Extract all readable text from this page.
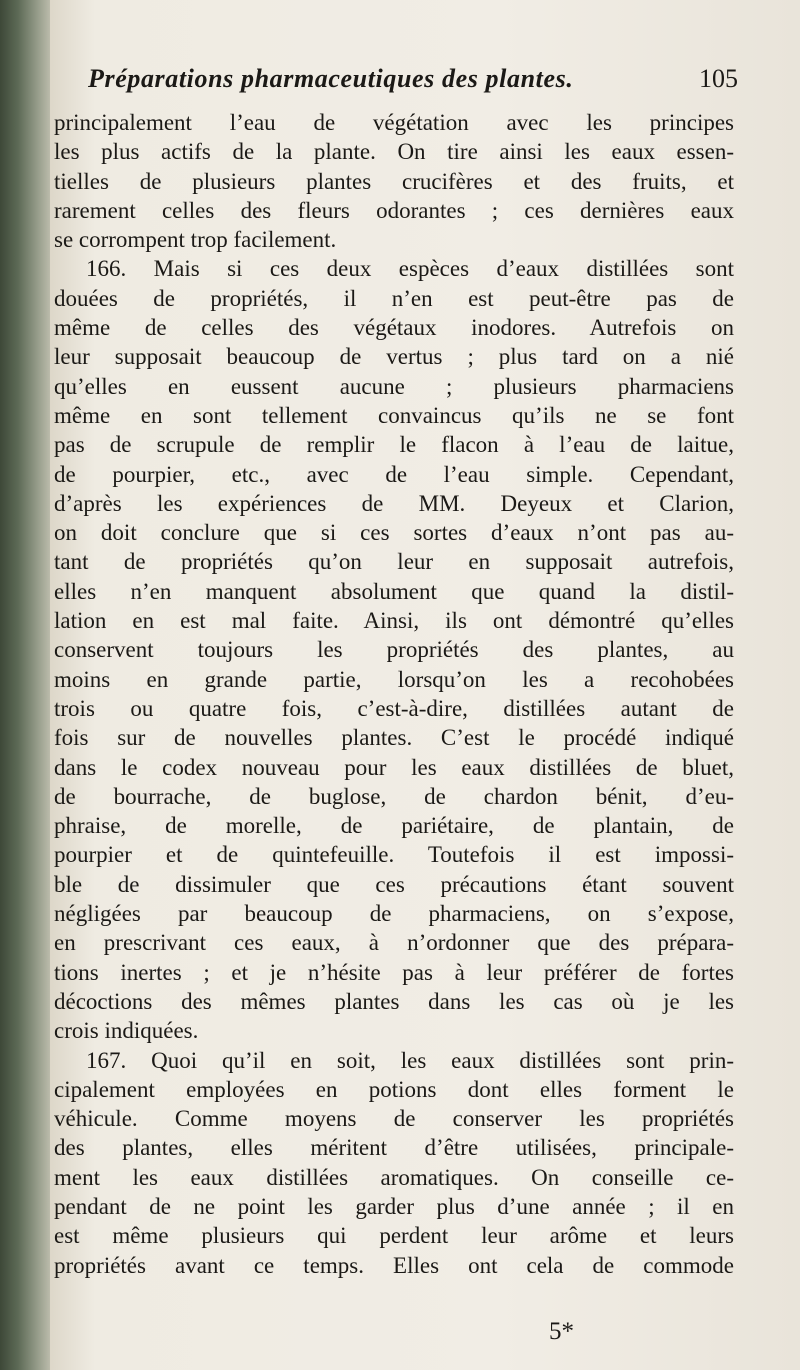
Préparations pharmaceutiques des plantes.	105
principalement l’eau de végétation avec les principes
les plus actifs de la plante. On tire ainsi les eaux essen-
tielles de plusieurs plantes crucifères et des fruits, et
rarement celles des fleurs odorantes ; ces dernières eaux
se corrompent trop facilement.
166. Mais si ces deux espèces d’eaux distillées sont
douées de propriétés, il n’en est peut-être pas de
même de celles des végétaux inodores. Autrefois on
leur supposait beaucoup de vertus ; plus tard on a nié
qu’elles en eussent aucune ; plusieurs pharmaciens
même en sont tellement convaincus qu’ils ne se font
pas de scrupule de remplir le flacon à l’eau de laitue,
de pourpier, etc., avec de l’eau simple. Cependant,
d’après les expériences de MM. Deyeux et Clarion,
on doit conclure que si ces sortes d’eaux n’ont pas au-
tant de propriétés qu’on leur en supposait autrefois,
elles n’en manquent absolument que quand la distil-
lation en est mal faite. Ainsi, ils ont démontré qu’elles
conservent toujours les propriétés des plantes, au
moins en grande partie, lorsqu’on les a recohobées
trois ou quatre fois, c’est-à-dire, distillées autant de
fois sur de nouvelles plantes. C’est le procédé indiqué
dans le codex nouveau pour les eaux distillées de bluet,
de bourrache, de buglose, de chardon bénit, d’eu-
phraise, de morelle, de pariétaire, de plantain, de
pourpier et de quintefeuille. Toutefois il est impossi-
ble de dissimuler que ces précautions étant souvent
négligées par beaucoup de pharmaciens, on s’expose,
en prescrivant ces eaux, à n’ordonner que des prépara-
tions inertes ; et je n’hésite pas à leur préférer de fortes
décoctions des mêmes plantes dans les cas où je les
crois indiquées.
167. Quoi qu’il en soit, les eaux distillées sont prin-
cipalement employées en potions dont elles forment le
véhicule. Comme moyens de conserver les propriétés
des plantes, elles méritent d’être utilisées, principale-
ment les eaux distillées aromatiques. On conseille ce-
pendant de ne point les garder plus d’une année ; il en
est même plusieurs qui perdent leur arôme et leurs
propriétés avant ce temps. Elles ont cela de commode
5*
